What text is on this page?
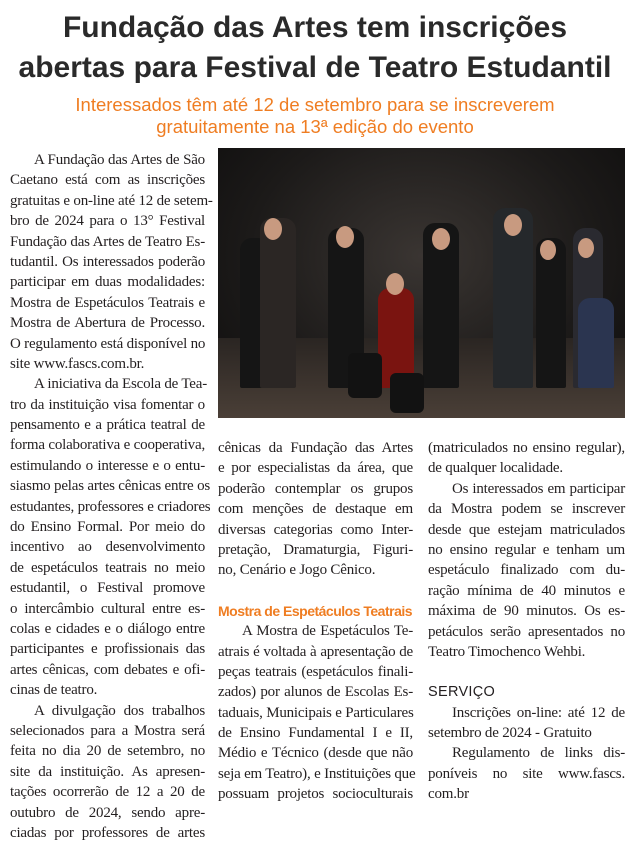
Fundação das Artes tem inscrições
abertas para Festival de Teatro Estudantil
Interessados têm até 12 de setembro para se inscreverem
gratuitamente na 13ª edição do evento
A Fundação das Artes de São
Caetano está com as inscrições
gratuitas e on-line até 12 de setem-
bro de 2024 para o 13° Festival
Fundação das Artes de Teatro Es-
tudantil. Os interessados poderão
participar em duas modalidades:
Mostra de Espetáculos Teatrais e
Mostra de Abertura de Processo.
O regulamento está disponível no
site www.fascs.com.br.
A iniciativa da Escola de Tea-
tro da instituição visa fomentar o
pensamento e a prática teatral de
forma colaborativa e cooperativa,
estimulando o interesse e o entu-
siasmo pelas artes cênicas entre os
estudantes, professores e criadores
do Ensino Formal. Por meio do
incentivo ao desenvolvimento
de espetáculos teatrais no meio
estudantil, o Festival promove
o intercâmbio cultural entre es-
colas e cidades e o diálogo entre
participantes e profissionais das
artes cênicas, com debates e ofi-
cinas de teatro.
A divulgação dos trabalhos
selecionados para a Mostra será
feita no dia 20 de setembro, no
site da instituição. As apresen-
tações ocorrerão de 12 a 20 de
outubro de 2024, sendo apre-
ciadas por professores de artes
cênicas da Fundação das Artes
e por especialistas da área, que
poderão contemplar os grupos
com menções de destaque em
diversas categorias como Inter-
pretação, Dramaturgia, Figuri-
no, Cenário e Jogo Cênico.
Mostra de Espetáculos Teatrais
A Mostra de Espetáculos Te-
atrais é voltada à apresentação de
peças teatrais (espetáculos finali-
zados) por alunos de Escolas Es-
taduais, Municipais e Particulares
de Ensino Fundamental I e II,
Médio e Técnico (desde que não
seja em Teatro), e Instituições que
possuam projetos socioculturais
(matriculados no ensino regular),
de qualquer localidade.
Os interessados em participar
da Mostra podem se inscrever
desde que estejam matriculados
no ensino regular e tenham um
espetáculo finalizado com du-
ração mínima de 40 minutos e
máxima de 90 minutos. Os es-
petáculos serão apresentados no
Teatro Timochenco Wehbi.
SERVIÇO
Inscrições on-line: até 12 de
setembro de 2024 - Gratuito
Regulamento de links dis-
poníveis no site www.fascs.
com.br
